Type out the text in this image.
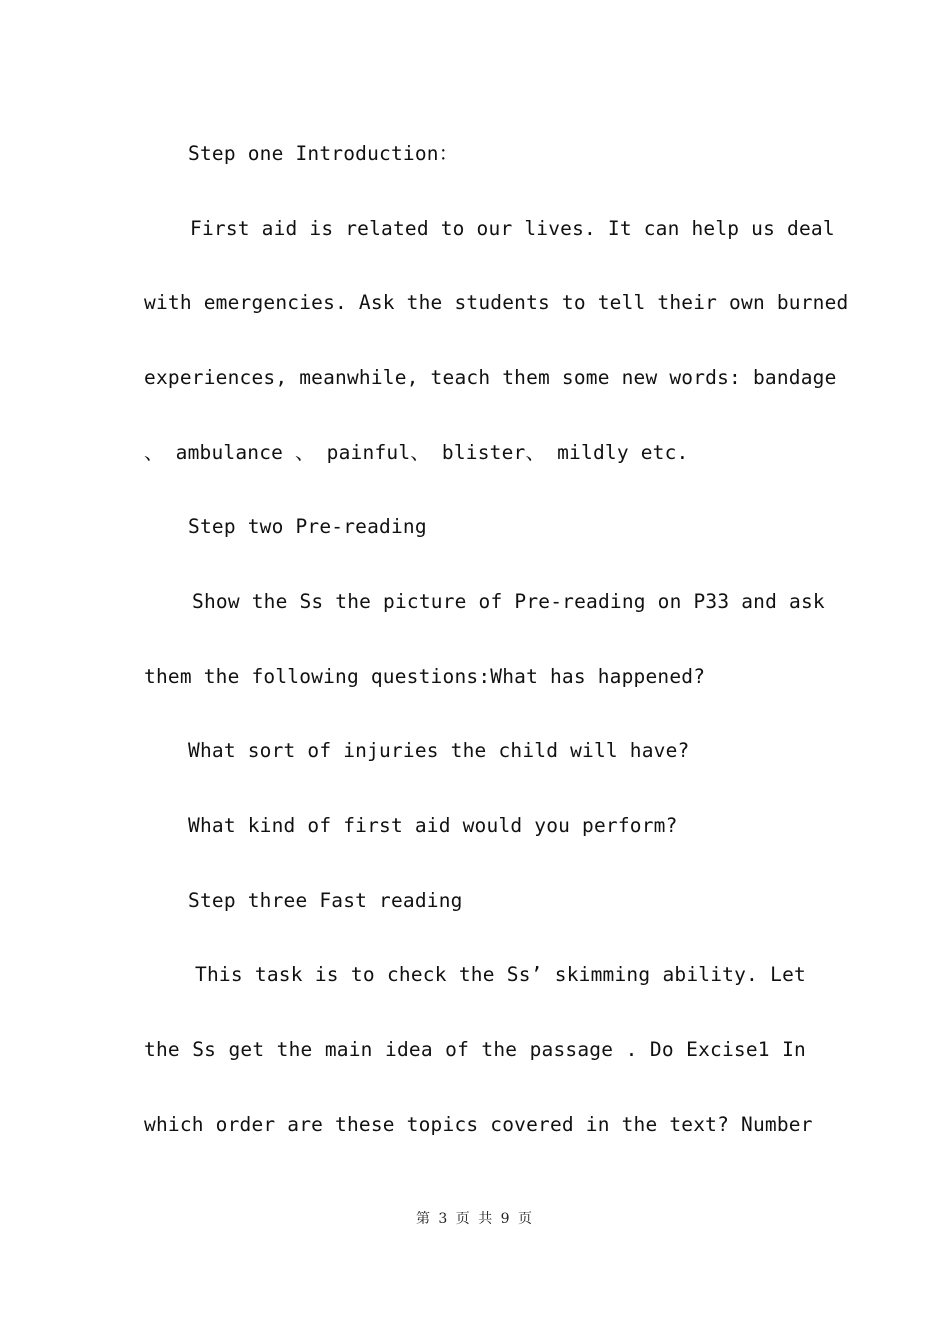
Step one Introduction：
First aid is related to our lives. It can help us deal
with emergencies. Ask the students to tell their own burned
experiences, meanwhile, teach them some new words: bandage
、 ambulance 、 painful、 blister、 mildly etc.
Step two Pre-reading
Show the Ss the picture of Pre-reading on P33 and ask
them the following questions:What has happened?
What sort of injuries the child will have?
What kind of first aid would you perform?
Step three Fast reading
This task is to check the Ss’ skimming ability. Let
the Ss get the main idea of the passage . Do Excise1 In
which order are these topics covered in the text? Number
第 3 页 共 9 页
